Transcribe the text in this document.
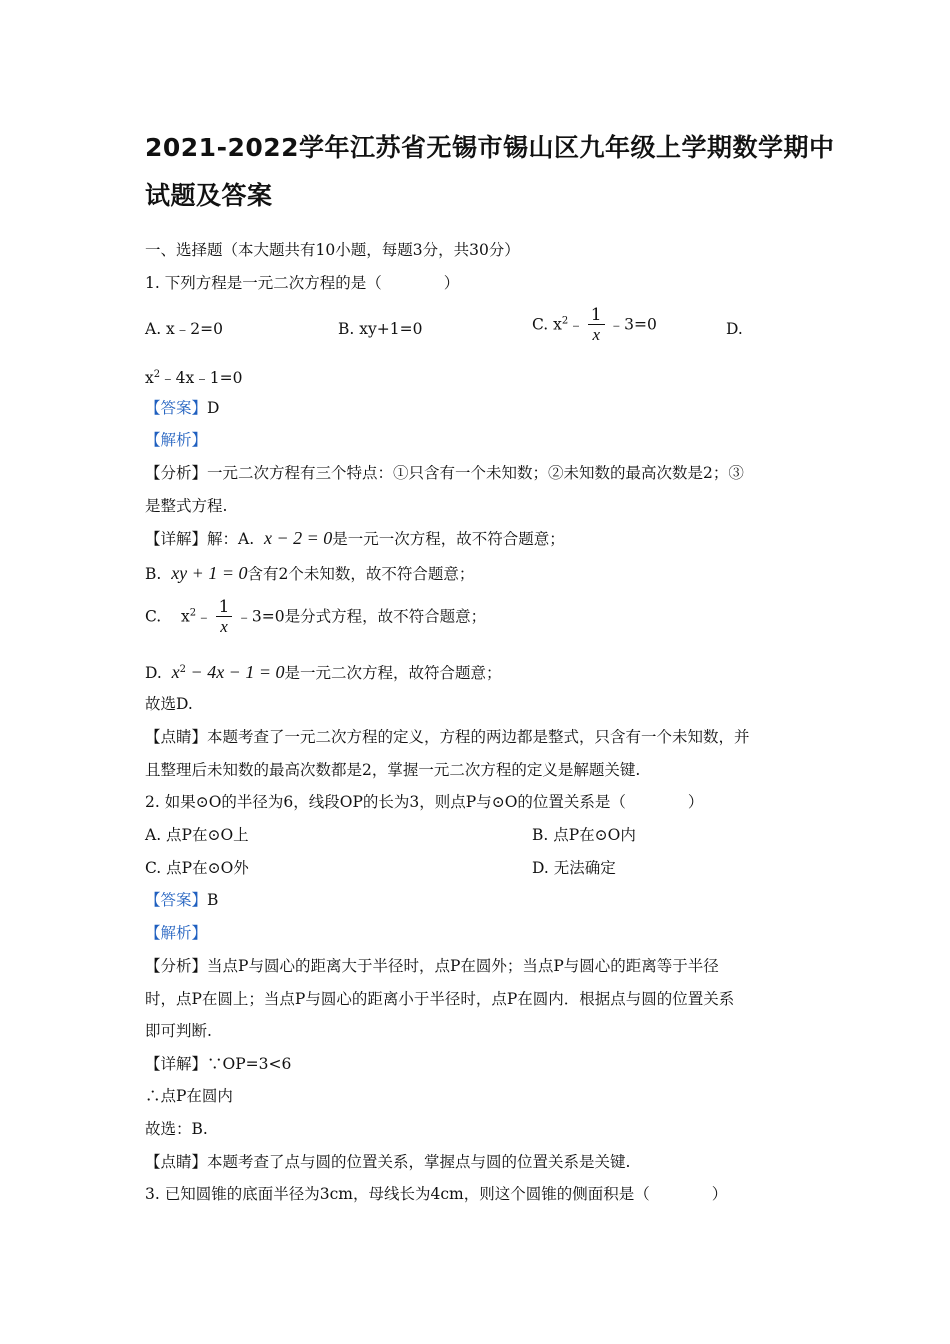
2021-2022学年江苏省无锡市锡山区九年级上学期数学期中
试题及答案
一、选择题（本大题共有10小题，每题3分，共30分）
1. 下列方程是一元二次方程的是（　　　　）
A. x﹣2=0	B. xy+1=0	C. $x^2﹣ \frac{1}{x}$ ﹣3=0	D.
$x^2﹣4x﹣1=0$
【答案】D
【解析】
【分析】一元二次方程有三个特点：①只含有一个未知数；②未知数的最高次数是2；③
是整式方程.
【详解】解：A. x − 2 = 0是一元一次方程，故不符合题意；
B. xy + 1 = 0含有2个未知数，故不符合题意；
C. $x^2﹣ \frac{1}{x}$ ﹣3=0是分式方程，故不符合题意；
D. $x^2 - 4x - 1 = 0$是一元二次方程，故符合题意；
故选D.
【点睛】本题考查了一元二次方程的定义，方程的两边都是整式，只含有一个未知数，并
且整理后未知数的最高次数都是2，掌握一元二次方程的定义是解题关键.
2. 如果⊙O的半径为6，线段OP的长为3，则点P与⊙O的位置关系是（　　　　）
A. 点P在⊙O上	B. 点P在⊙O内
C. 点P在⊙O外	D. 无法确定
【答案】B
【解析】
【分析】当点P与圆心的距离大于半径时，点P在圆外；当点P与圆心的距离等于半径
时，点P在圆上；当点P与圆心的距离小于半径时，点P在圆内．根据点与圆的位置关系
即可判断.
【详解】∵OP=3<6
∴点P在圆内
故选：B.
【点睛】本题考查了点与圆的位置关系，掌握点与圆的位置关系是关键.
3. 已知圆锥的底面半径为3cm，母线长为4cm，则这个圆锥的侧面积是（　　　　）
